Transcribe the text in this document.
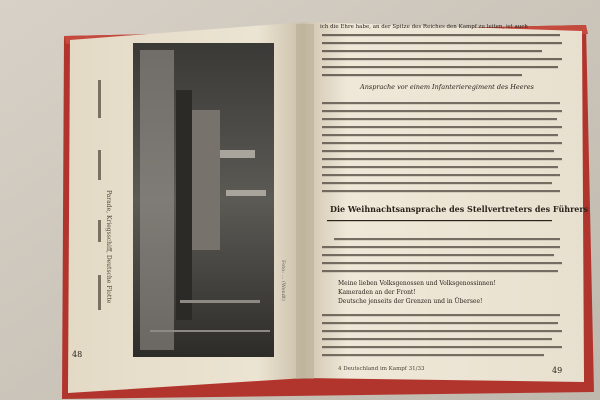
48
Parade, Kriegsschiff, Deutsche Flotte	Foto: ... (Wendt)
ich die Ehre habe, an der Spitze des Reiches den Kampf zu leiten, ist auch
Ansprache vor einem Infanterieregiment des Heeres
Die Weihnachtsansprache des Stellvertreters des Führers
Meine lieben Volksgenossen und Volksgenossinnen!
Kameraden an der Front!
Deutsche jenseits der Grenzen und in Übersee!
4 Deutschland im Kampf 31/33	49
